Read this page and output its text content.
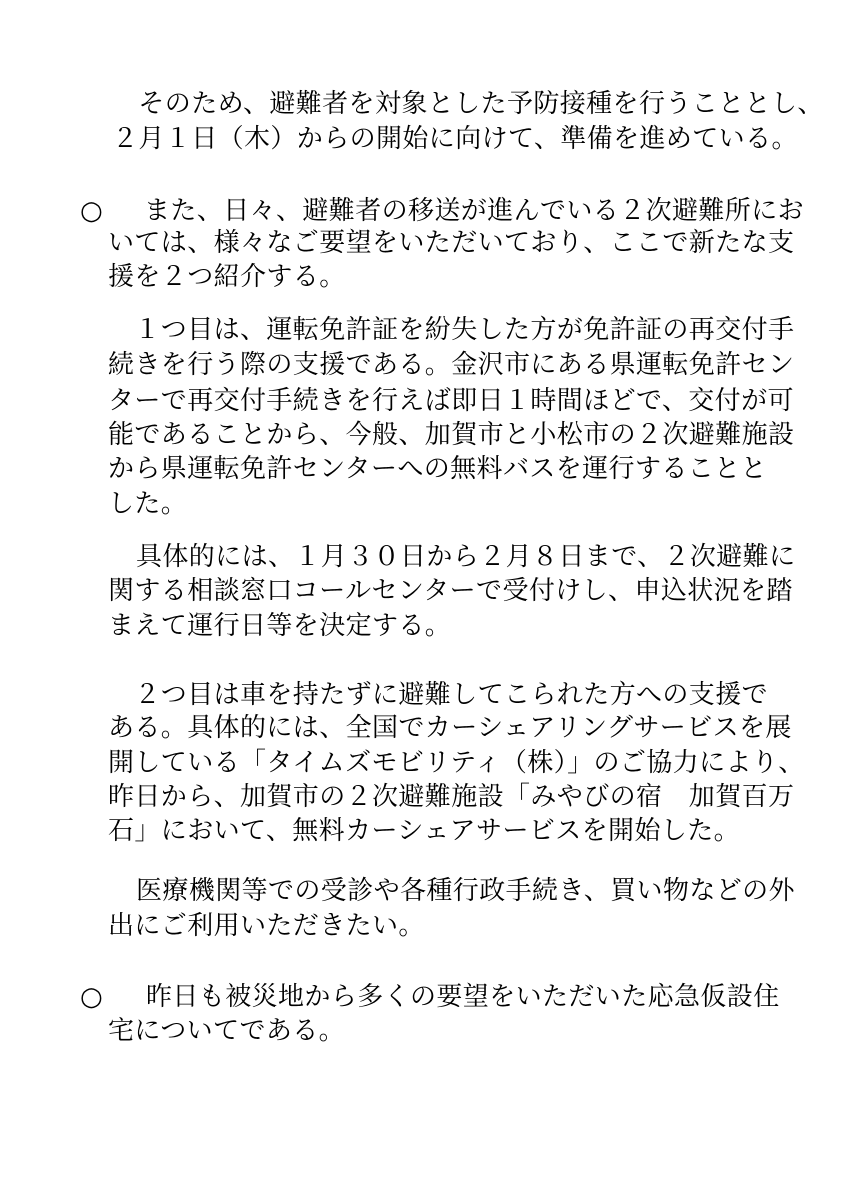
　そのため、避難者を対象とした予防接種を行うこととし、
２月１日（木）からの開始に向けて、準備を進めている。
○ また、日々、避難者の移送が進んでいる２次避難所にお
いては、様々なご要望をいただいており、ここで新たな支
援を２つ紹介する。
　１つ目は、運転免許証を紛失した方が免許証の再交付手
続きを行う際の支援である。金沢市にある県運転免許セン
ターで再交付手続きを行えば即日１時間ほどで、交付が可
能であることから、今般、加賀市と小松市の２次避難施設
から県運転免許センターへの無料バスを運行することと
した。
具体的には、１月３０日から２月８日まで、２次避難に
関する相談窓口コールセンターで受付けし、申込状況を踏
まえて運行日等を決定する。
　２つ目は車を持たずに避難してこられた方への支援で
ある。具体的には、全国でカーシェアリングサービスを展
開している「タイムズモビリティ（株）」のご協力により、
昨日から、加賀市の２次避難施設「みやびの宿　加賀百万
石」において、無料カーシェアサービスを開始した。
医療機関等での受診や各種行政手続き、買い物などの外
出にご利用いただきたい。
○ 昨日も被災地から多くの要望をいただいた応急仮設住
宅についてである。
